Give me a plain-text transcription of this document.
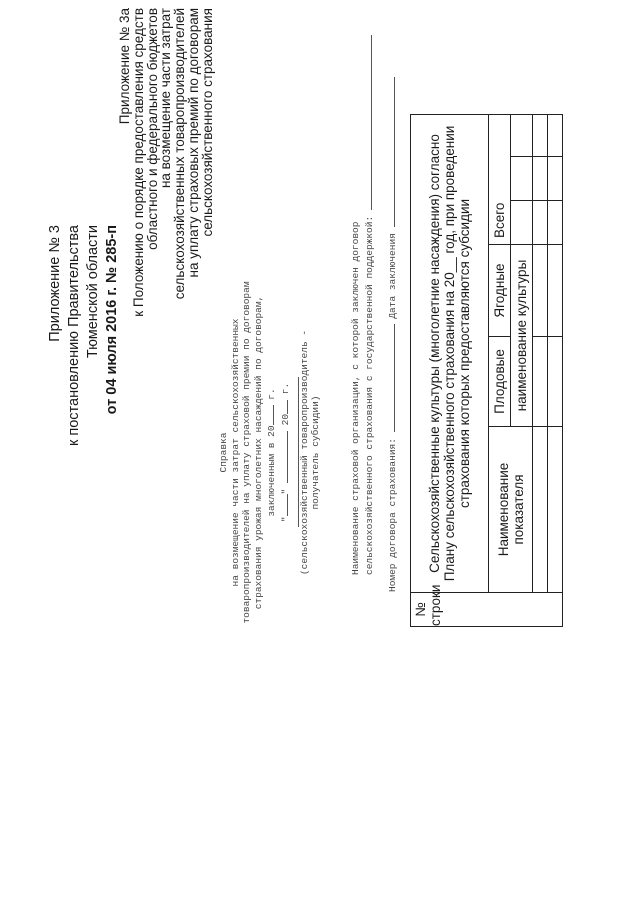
Приложение № 3 к постановлению Правительства Тюменской области от 04 июля 2016 г. № 285-п
Приложение № 3а
к Положению о порядке предоставления средств
областного и федерального бюджетов
на возмещение части затрат
сельскохозяйственных товаропроизводителей
на уплату страховых премий по договорам
сельскохозяйственного страхования
Справка на возмещение части затрат сельскохозяйственных товаропроизводителей на уплату страховой премии по договорам страхования урожая многолетних насаждений по договорам, заключенным в 20 г.
""  20 г. (сельскохозяйственный товаропроизводитель - получатель субсидии)	Наименование страховой организации, с которой заключен договор сельскохозяйственного страхования с государственной поддержкой: Номер договора страхования:  Дата заключения
№ строки	Сельскохозяйственные культуры (многолетние насаждения) согласно Плану сельскохозяйственного страхования на 20__ год, при проведении страхования которых предоставляются субсидии					
	Наименование показателя	Плодовые	Ягодные	Всего		
		наименование культуры				
